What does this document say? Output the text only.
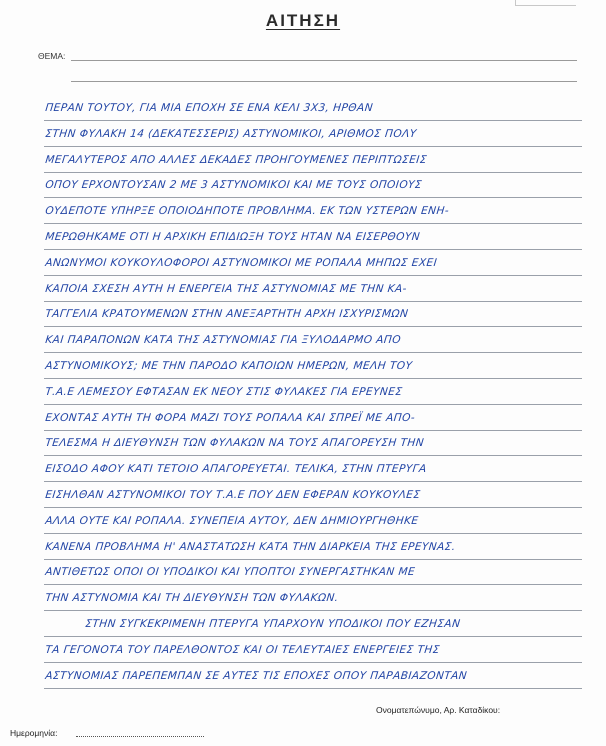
ΑΙΤΗΣΗ
ΘΕΜΑ:
ΠΕΡΑΝ ΤΟΥΤΟΥ, ΓΙΑ ΜΙΑ ΕΠΟΧΗ ΣΕ ΕΝΑ ΚΕΛΙ 3Χ3, ΗΡΘΑΝ
ΣΤΗΝ ΦΥΛΑΚΗ 14 (ΔΕΚΑΤΕΣΣΕΡΙΣ) ΑΣΤΥΝΟΜΙΚΟΙ, ΑΡΙΘΜΟΣ ΠΟΛΥ
ΜΕΓΑΛΥΤΕΡΟΣ ΑΠΟ ΑΛΛΕΣ ΔΕΚΑΔΕΣ ΠΡΟΗΓΟΥΜΕΝΕΣ ΠΕΡΙΠΤΩΣΕΙΣ
ΟΠΟΥ ΕΡΧΟΝΤΟΥΣΑΝ 2 ΜΕ 3 ΑΣΤΥΝΟΜΙΚΟΙ ΚΑΙ ΜΕ ΤΟΥΣ ΟΠΟΙΟΥΣ
ΟΥΔΕΠΟΤΕ ΥΠΗΡΞΕ ΟΠΟΙΟΔΗΠΟΤΕ ΠΡΟΒΛΗΜΑ. ΕΚ ΤΩΝ ΥΣΤΕΡΩΝ ΕΝΗ-
ΜΕΡΩΘΗΚΑΜΕ ΟΤΙ Η ΑΡΧΙΚΗ ΕΠΙΔΙΩΞΗ ΤΟΥΣ ΗΤΑΝ ΝΑ ΕΙΣΕΡΘΟΥΝ
ΑΝΩΝΥΜΟΙ ΚΟΥΚΟΥΛΟΦΟΡΟΙ ΑΣΤΥΝΟΜΙΚΟΙ ΜΕ ΡΟΠΑΛΑ ΜΗΠΩΣ ΕΧΕΙ
ΚΑΠΟΙΑ ΣΧΕΣΗ ΑΥΤΗ Η ΕΝΕΡΓΕΙΑ ΤΗΣ ΑΣΤΥΝΟΜΙΑΣ ΜΕ ΤΗΝ ΚΑ-
ΤΑΓΓΕΛΙΑ ΚΡΑΤΟΥΜΕΝΩΝ ΣΤΗΝ ΑΝΕΞΑΡΤΗΤΗ ΑΡΧΗ ΙΣΧΥΡΙΣΜΩΝ
ΚΑΙ ΠΑΡΑΠΟΝΩΝ ΚΑΤΑ ΤΗΣ ΑΣΤΥΝΟΜΙΑΣ ΓΙΑ ΞΥΛΟΔΑΡΜΟ ΑΠΟ
ΑΣΤΥΝΟΜΙΚΟΥΣ; ΜΕ ΤΗΝ ΠΑΡΟΔΟ ΚΑΠΟΙΩΝ ΗΜΕΡΩΝ, ΜΕΛΗ ΤΟΥ
Τ.Α.Ε ΛΕΜΕΣΟΥ ΕΦΤΑΣΑΝ ΕΚ ΝΕΟΥ ΣΤΙΣ ΦΥΛΑΚΕΣ ΓΙΑ ΕΡΕΥΝΕΣ
ΕΧΟΝΤΑΣ ΑΥΤΗ ΤΗ ΦΟΡΑ ΜΑΖΙ ΤΟΥΣ ΡΟΠΑΛΑ ΚΑΙ ΣΠΡΕΪ ΜΕ ΑΠΟ-
ΤΕΛΕΣΜΑ Η ΔΙΕΥΘΥΝΣΗ ΤΩΝ ΦΥΛΑΚΩΝ ΝΑ ΤΟΥΣ ΑΠΑΓΟΡΕΥΣΗ ΤΗΝ
ΕΙΣΟΔΟ ΑΦΟΥ ΚΑΤΙ ΤΕΤΟΙΟ ΑΠΑΓΟΡΕΥΕΤΑΙ. ΤΕΛΙΚΑ, ΣΤΗΝ ΠΤΕΡΥΓΑ
ΕΙΣΗΛΘΑΝ ΑΣΤΥΝΟΜΙΚΟΙ ΤΟΥ Τ.Α.Ε ΠΟΥ ΔΕΝ ΕΦΕΡΑΝ ΚΟΥΚΟΥΛΕΣ
ΑΛΛΑ ΟΥΤΕ ΚΑΙ ΡΟΠΑΛΑ. ΣΥΝΕΠΕΙΑ ΑΥΤΟΥ, ΔΕΝ ΔΗΜΙΟΥΡΓΗΘΗΚΕ
ΚΑΝΕΝΑ ΠΡΟΒΛΗΜΑ Η' ΑΝΑΣΤΑΤΩΣΗ ΚΑΤΑ ΤΗΝ ΔΙΑΡΚΕΙΑ ΤΗΣ ΕΡΕΥΝΑΣ.
ΑΝΤΙΘΕΤΩΣ ΟΠΟΙ ΟΙ ΥΠΟΔΙΚΟΙ ΚΑΙ ΥΠΟΠΤΟΙ ΣΥΝΕΡΓΑΣΤΗΚΑΝ ΜΕ
ΤΗΝ ΑΣΤΥΝΟΜΙΑ ΚΑΙ ΤΗ ΔΙΕΥΘΥΝΣΗ ΤΩΝ ΦΥΛΑΚΩΝ.
ΣΤΗΝ ΣΥΓΚΕΚΡΙΜΕΝΗ ΠΤΕΡΥΓΑ ΥΠΑΡΧΟΥΝ ΥΠΟΔΙΚΟΙ ΠΟΥ ΕΖΗΣΑΝ
ΤΑ ΓΕΓΟΝΟΤΑ ΤΟΥ ΠΑΡΕΛΘΟΝΤΟΣ ΚΑΙ ΟΙ ΤΕΛΕΥΤΑΙΕΣ ΕΝΕΡΓΕΙΕΣ ΤΗΣ
ΑΣΤΥΝΟΜΙΑΣ ΠΑΡΕΠΕΜΠΑΝ ΣΕ ΑΥΤΕΣ ΤΙΣ ΕΠΟΧΕΣ ΟΠΟΥ ΠΑΡΑΒΙΑΖΟΝΤΑΝ
Ονοματεπώνυμο, Αρ. Καταδίκου:
Ημερομηνία:
